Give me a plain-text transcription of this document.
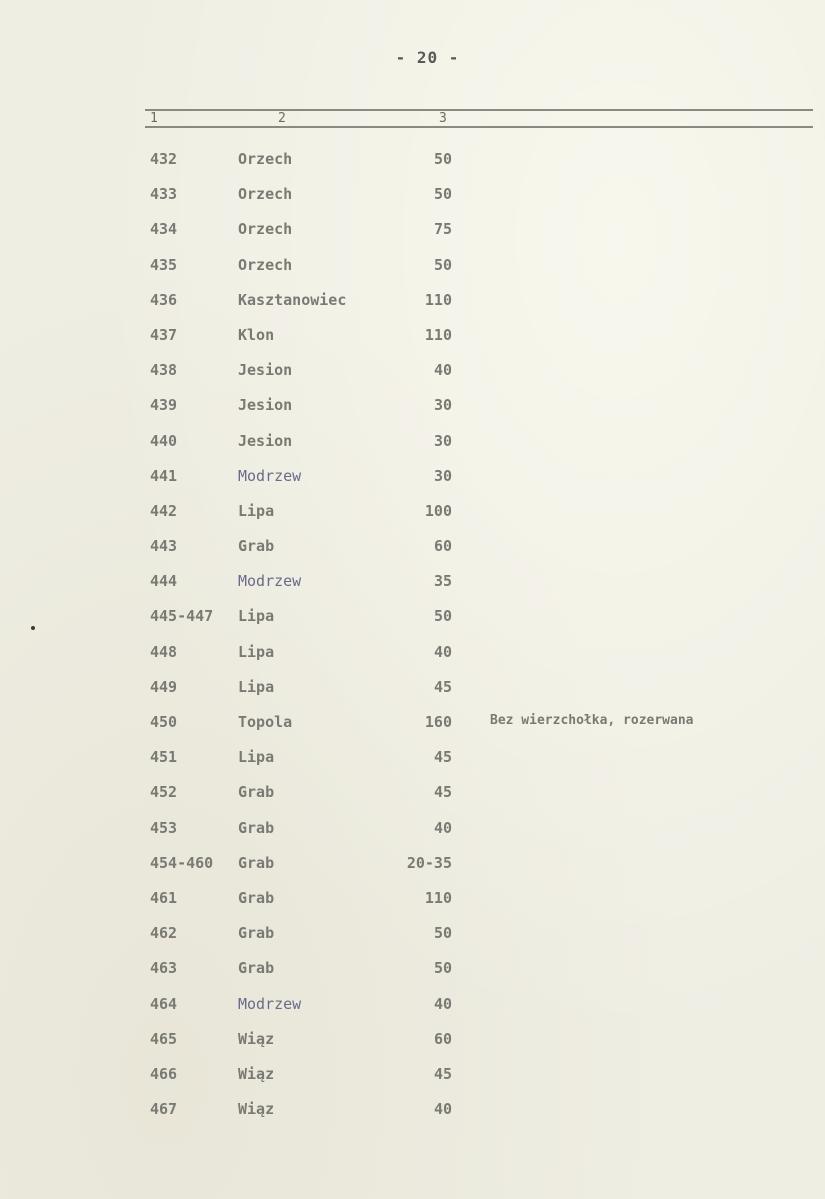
- 20 -
1	2	3
432	Orzech	50
433	Orzech	50
434	Orzech	75
435	Orzech	50
436	Kasztanowiec	110
437	Klon	110
438	Jesion	40
439	Jesion	30
440	Jesion	30
441	Modrzew	30
442	Lipa	100
443	Grab	60
444	Modrzew	35
445-447 Lipa	50
448	Lipa	40
449	Lipa	45
450	Topola	160	Bez wierzchołka, rozerwana
451	Lipa	45
452	Grab	45
453	Grab	40
454-460 Grab	20-35
461	Grab	110
462	Grab	50
463	Grab	50
464	Modrzew	40
465	Wiąz	60
466	Wiąz	45
467	Wiąz	40
